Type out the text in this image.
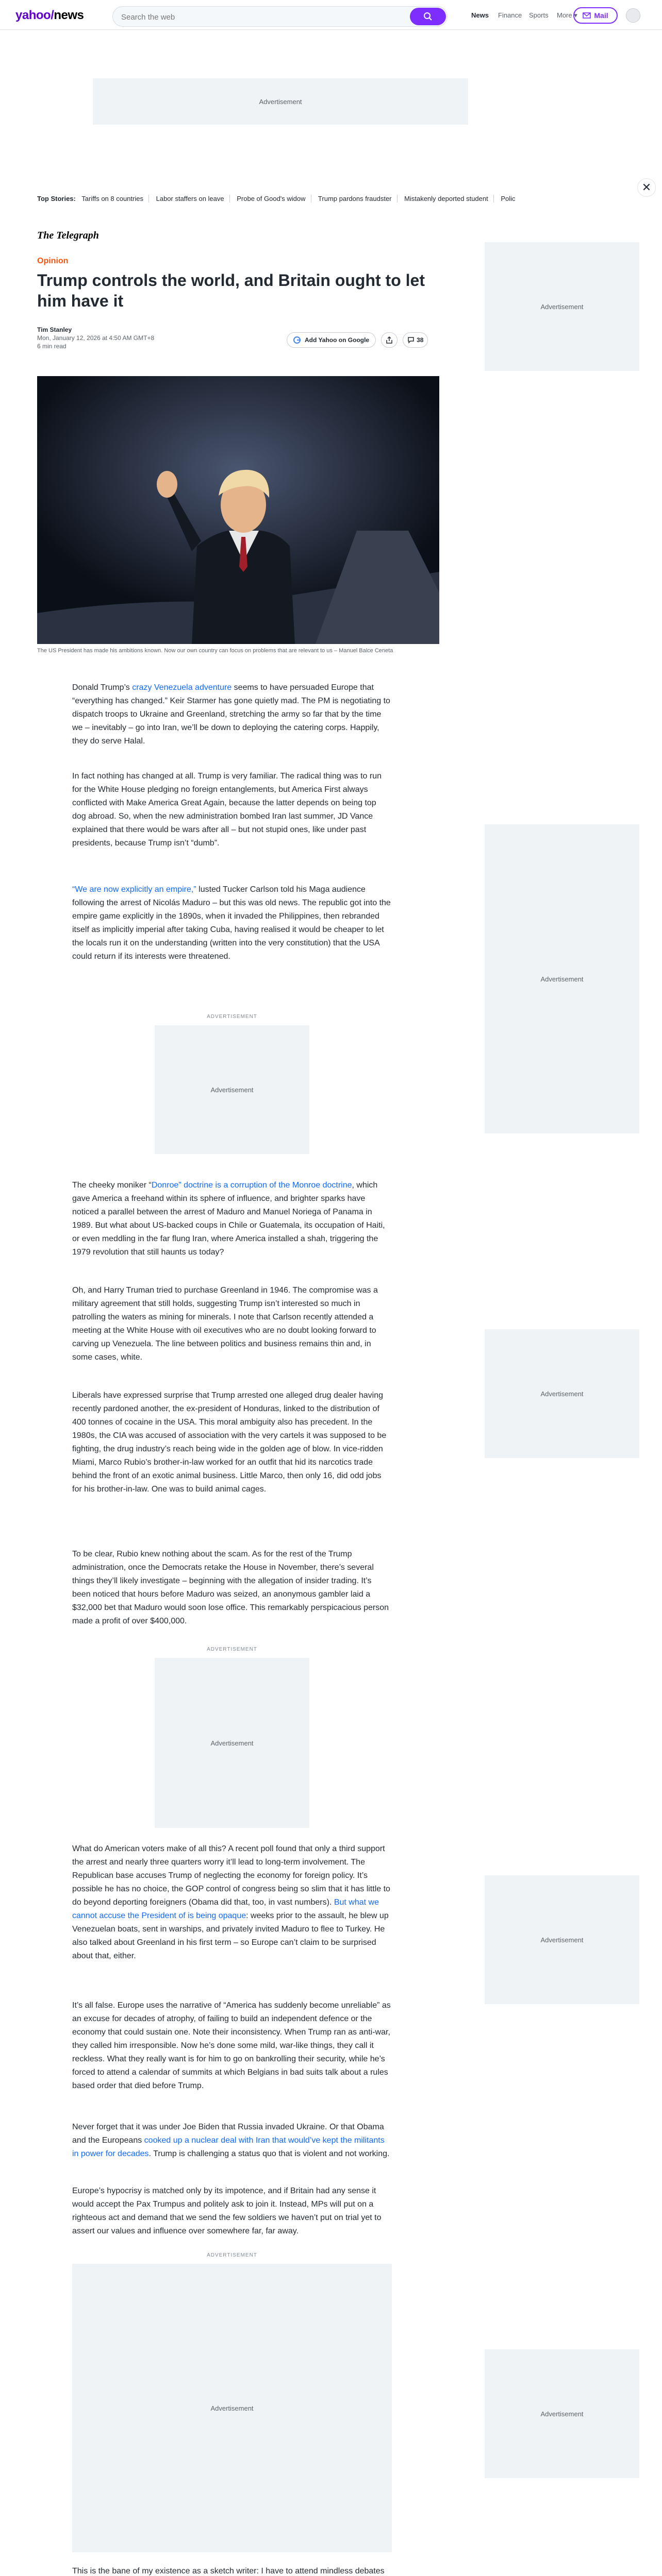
yahoo/news
Search the web	News Finance Sports More ▾ Mail
Advertisement
✕
Top Stories: Tariffs on 8 countries Labor staffers on leave Probe of Good's widow Trump pardons fraudster Mistakenly deported student Polic
The Telegraph
Opinion
Trump controls the world, and Britain ought to let him have it
Tim Stanley
Mon, January 12, 2026 at 4:50 AM GMT+8
6 min read
Add Yahoo on Google	38
The US President has made his ambitions known. Now our own country can focus on problems that are relevant to us – Manuel Balce Ceneta

Donald Trump’s crazy Venezuela adventure seems to have persuaded Europe that “everything has changed.” Keir Starmer has gone quietly mad. The PM is negotiating to dispatch troops to Ukraine and Greenland, stretching the army so far that by the time we – inevitably – go into Iran, we’ll be down to deploying the catering corps. Happily, they do serve Halal.

In fact nothing has changed at all. Trump is very familiar. The radical thing was to run for the White House pledging no foreign entanglements, but America First always conflicted with Make America Great Again, because the latter depends on being top dog abroad. So, when the new administration bombed Iran last summer, JD Vance explained that there would be wars after all – but not stupid ones, like under past presidents, because Trump isn’t “dumb”.

“We are now explicitly an empire,” lusted Tucker Carlson told his Maga audience following the arrest of Nicolás Maduro – but this was old news. The republic got into the empire game explicitly in the 1890s, when it invaded the Philippines, then rebranded itself as implicitly imperial after taking Cuba, having realised it would be cheaper to let the locals run it on the understanding (written into the very constitution) that the USA could return if its interests were threatened.

ADVERTISEMENT
Advertisement

The cheeky moniker “Donroe” doctrine is a corruption of the Monroe doctrine, which gave America a freehand within its sphere of influence, and brighter sparks have noticed a parallel between the arrest of Maduro and Manuel Noriega of Panama in 1989. But what about US-backed coups in Chile or Guatemala, its occupation of Haiti, or even meddling in the far flung Iran, where America installed a shah, triggering the 1979 revolution that still haunts us today?

Oh, and Harry Truman tried to purchase Greenland in 1946. The compromise was a military agreement that still holds, suggesting Trump isn’t interested so much in patrolling the waters as mining for minerals. I note that Carlson recently attended a meeting at the White House with oil executives who are no doubt looking forward to carving up Venezuela. The line between politics and business remains thin and, in some cases, white.

Liberals have expressed surprise that Trump arrested one alleged drug dealer having recently pardoned another, the ex-president of Honduras, linked to the distribution of 400 tonnes of cocaine in the USA. This moral ambiguity also has precedent. In the 1980s, the CIA was accused of association with the very cartels it was supposed to be fighting, the drug industry’s reach being wide in the golden age of blow. In vice-ridden Miami, Marco Rubio’s brother-in-law worked for an outfit that hid its narcotics trade behind the front of an exotic animal business. Little Marco, then only 16, did odd jobs for his brother-in-law. One was to build animal cages.

To be clear, Rubio knew nothing about the scam. As for the rest of the Trump administration, once the Democrats retake the House in November, there’s several things they’ll likely investigate – beginning with the allegation of insider trading. It’s been noticed that hours before Maduro was seized, an anonymous gambler laid a $32,000 bet that Maduro would soon lose office. This remarkably perspicacious person made a profit of over $400,000.

ADVERTISEMENT
Advertisement

What do American voters make of all this? A recent poll found that only a third support the arrest and nearly three quarters worry it’ll lead to long-term involvement. The Republican base accuses Trump of neglecting the economy for foreign policy. It’s possible he has no choice, the GOP control of congress being so slim that it has little to do beyond deporting foreigners (Obama did that, too, in vast numbers). But what we cannot accuse the President of is being opaque: weeks prior to the assault, he blew up Venezuelan boats, sent in warships, and privately invited Maduro to flee to Turkey. He also talked about Greenland in his first term – so Europe can’t claim to be surprised about that, either.

It’s all false. Europe uses the narrative of “America has suddenly become unreliable” as an excuse for decades of atrophy, of failing to build an independent defence or the economy that could sustain one. Note their inconsistency. When Trump ran as anti-war, they called him irresponsible. Now he’s done some mild, war-like things, they call it reckless. What they really want is for him to go on bankrolling their security, while he’s forced to attend a calendar of summits at which Belgians in bad suits talk about a rules based order that died before Trump.

Never forget that it was under Joe Biden that Russia invaded Ukraine. Or that Obama and the Europeans cooked up a nuclear deal with Iran that would’ve kept the militants in power for decades. Trump is challenging a status quo that is violent and not working.

Europe’s hypocrisy is matched only by its impotence, and if Britain had any sense it would accept the Pax Trumpus and politely ask to join it. Instead, MPs will put on a righteous act and demand that we send the few soldiers we haven’t put on trial yet to assert our values and influence over somewhere far, far away.

ADVERTISEMENT
Advertisement

This is the bane of my existence as a sketch writer: I have to attend mindless debates

Advertisement
Advertisement
Advertisement
Advertisement
Advertisement
